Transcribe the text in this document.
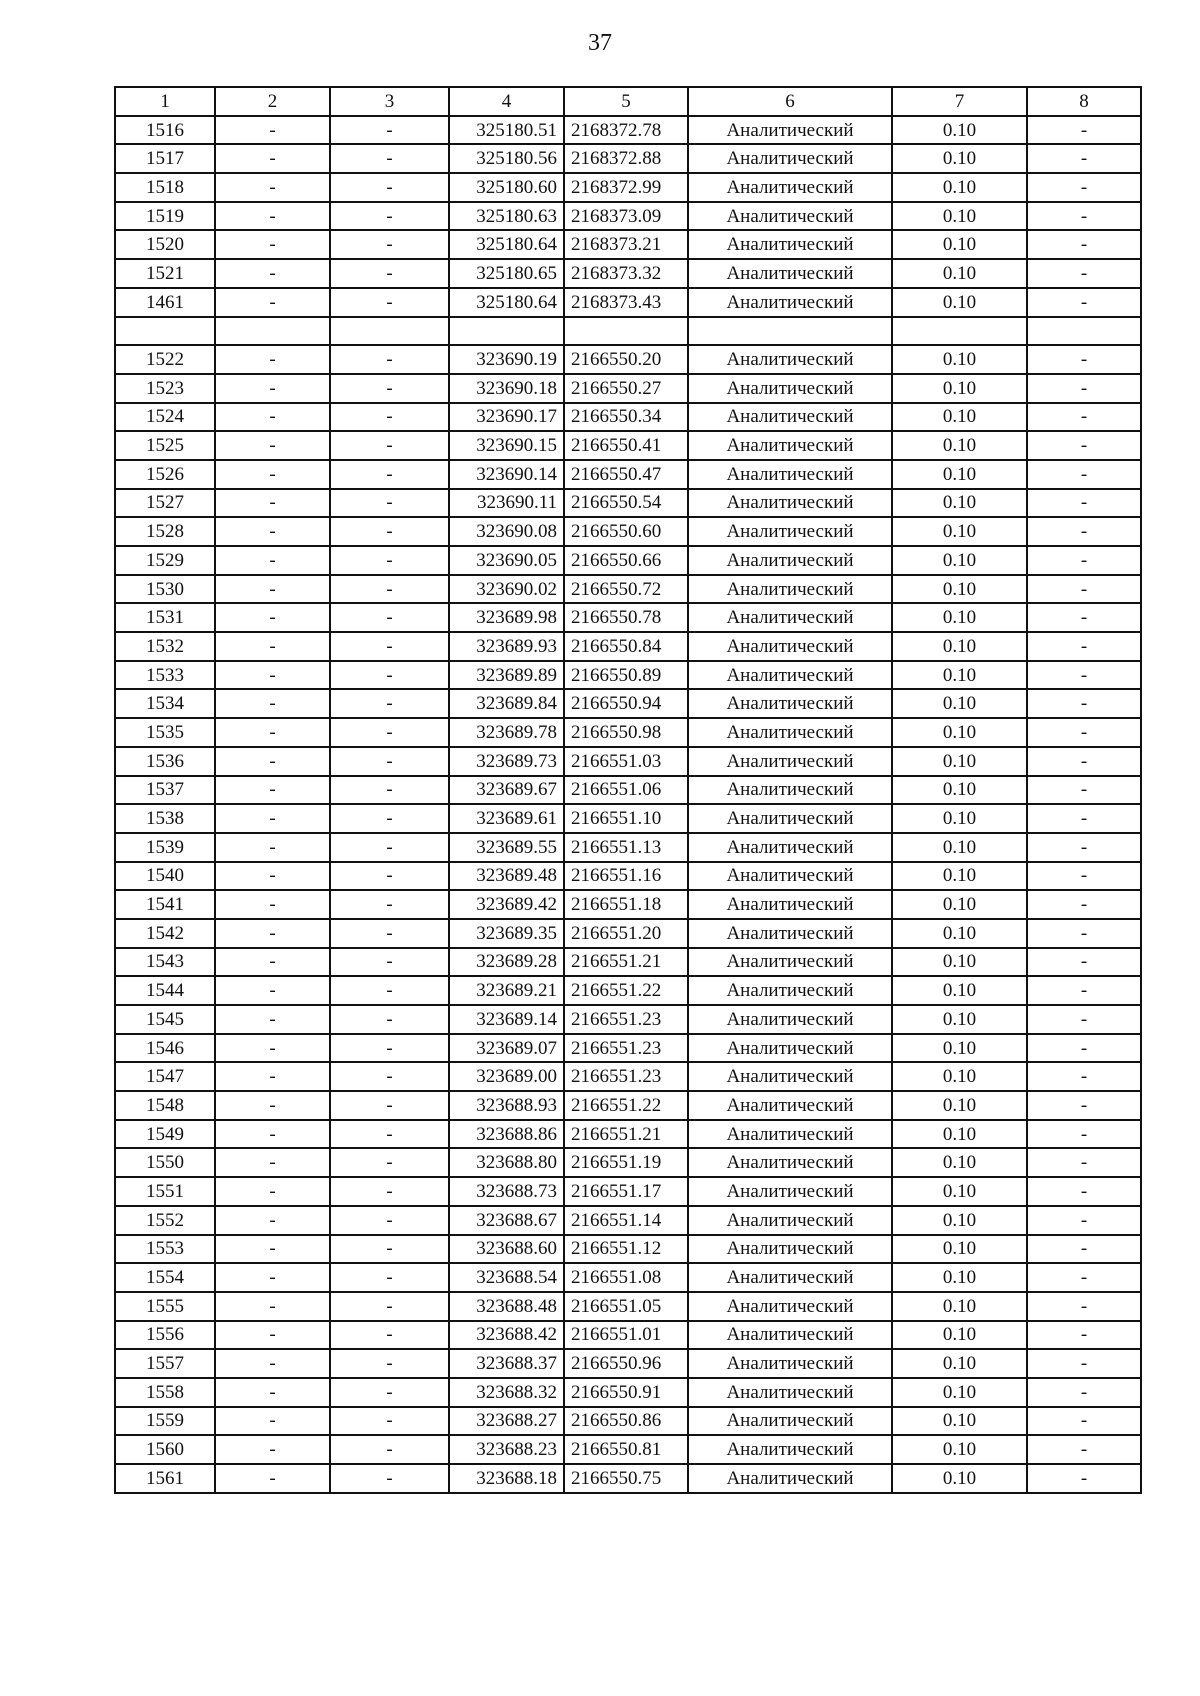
37
1	2	3	4	5	6	7	8
1516	-	-	325180.51	2168372.78	Аналитический	0.10	-
1517	-	-	325180.56	2168372.88	Аналитический	0.10	-
1518	-	-	325180.60	2168372.99	Аналитический	0.10	-
1519	-	-	325180.63	2168373.09	Аналитический	0.10	-
1520	-	-	325180.64	2168373.21	Аналитический	0.10	-
1521	-	-	325180.65	2168373.32	Аналитический	0.10	-
1461	-	-	325180.64	2168373.43	Аналитический	0.10	-

1522	-	-	323690.19	2166550.20	Аналитический	0.10	-
1523	-	-	323690.18	2166550.27	Аналитический	0.10	-
1524	-	-	323690.17	2166550.34	Аналитический	0.10	-
1525	-	-	323690.15	2166550.41	Аналитический	0.10	-
1526	-	-	323690.14	2166550.47	Аналитический	0.10	-
1527	-	-	323690.11	2166550.54	Аналитический	0.10	-
1528	-	-	323690.08	2166550.60	Аналитический	0.10	-
1529	-	-	323690.05	2166550.66	Аналитический	0.10	-
1530	-	-	323690.02	2166550.72	Аналитический	0.10	-
1531	-	-	323689.98	2166550.78	Аналитический	0.10	-
1532	-	-	323689.93	2166550.84	Аналитический	0.10	-
1533	-	-	323689.89	2166550.89	Аналитический	0.10	-
1534	-	-	323689.84	2166550.94	Аналитический	0.10	-
1535	-	-	323689.78	2166550.98	Аналитический	0.10	-
1536	-	-	323689.73	2166551.03	Аналитический	0.10	-
1537	-	-	323689.67	2166551.06	Аналитический	0.10	-
1538	-	-	323689.61	2166551.10	Аналитический	0.10	-
1539	-	-	323689.55	2166551.13	Аналитический	0.10	-
1540	-	-	323689.48	2166551.16	Аналитический	0.10	-
1541	-	-	323689.42	2166551.18	Аналитический	0.10	-
1542	-	-	323689.35	2166551.20	Аналитический	0.10	-
1543	-	-	323689.28	2166551.21	Аналитический	0.10	-
1544	-	-	323689.21	2166551.22	Аналитический	0.10	-
1545	-	-	323689.14	2166551.23	Аналитический	0.10	-
1546	-	-	323689.07	2166551.23	Аналитический	0.10	-
1547	-	-	323689.00	2166551.23	Аналитический	0.10	-
1548	-	-	323688.93	2166551.22	Аналитический	0.10	-
1549	-	-	323688.86	2166551.21	Аналитический	0.10	-
1550	-	-	323688.80	2166551.19	Аналитический	0.10	-
1551	-	-	323688.73	2166551.17	Аналитический	0.10	-
1552	-	-	323688.67	2166551.14	Аналитический	0.10	-
1553	-	-	323688.60	2166551.12	Аналитический	0.10	-
1554	-	-	323688.54	2166551.08	Аналитический	0.10	-
1555	-	-	323688.48	2166551.05	Аналитический	0.10	-
1556	-	-	323688.42	2166551.01	Аналитический	0.10	-
1557	-	-	323688.37	2166550.96	Аналитический	0.10	-
1558	-	-	323688.32	2166550.91	Аналитический	0.10	-
1559	-	-	323688.27	2166550.86	Аналитический	0.10	-
1560	-	-	323688.23	2166550.81	Аналитический	0.10	-
1561	-	-	323688.18	2166550.75	Аналитический	0.10	-
